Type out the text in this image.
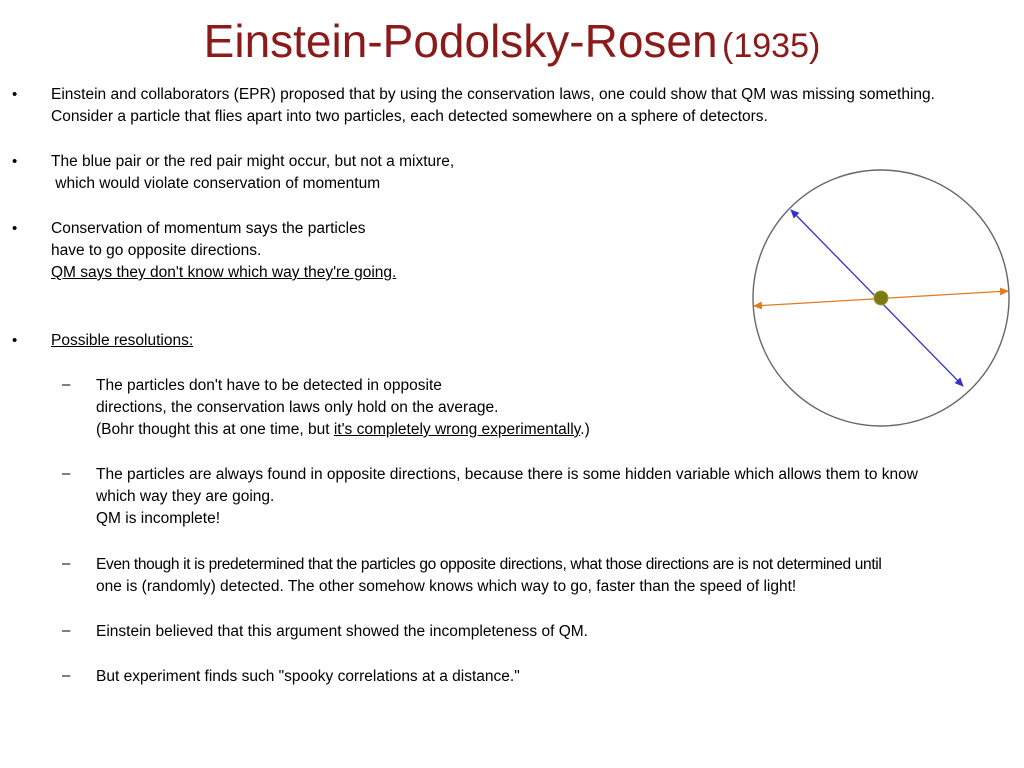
Einstein-Podolsky-Rosen (1935)
• Einstein and collaborators (EPR) proposed that by using the conservation laws, one could show that QM was missing something.
Consider a particle that flies apart into two particles, each detected somewhere on a sphere of detectors.
• The blue pair or the red pair might occur, but not a mixture,
which would violate conservation of momentum
• Conservation of momentum says the particles
have to go opposite directions.
QM says they don't know which way they're going.
• Possible resolutions:
– The particles don't have to be detected in opposite
directions, the conservation laws only hold on the average.
(Bohr thought this at one time, but it's completely wrong experimentally.)
– The particles are always found in opposite directions, because there is some hidden variable which allows them to know
which way they are going.
QM is incomplete!
– Even though it is predetermined that the particles go opposite directions, what those directions are is not determined until
one is (randomly) detected. The other somehow knows which way to go, faster than the speed of light!
– Einstein believed that this argument showed the incompleteness of QM.
– But experiment finds such "spooky correlations at a distance."
